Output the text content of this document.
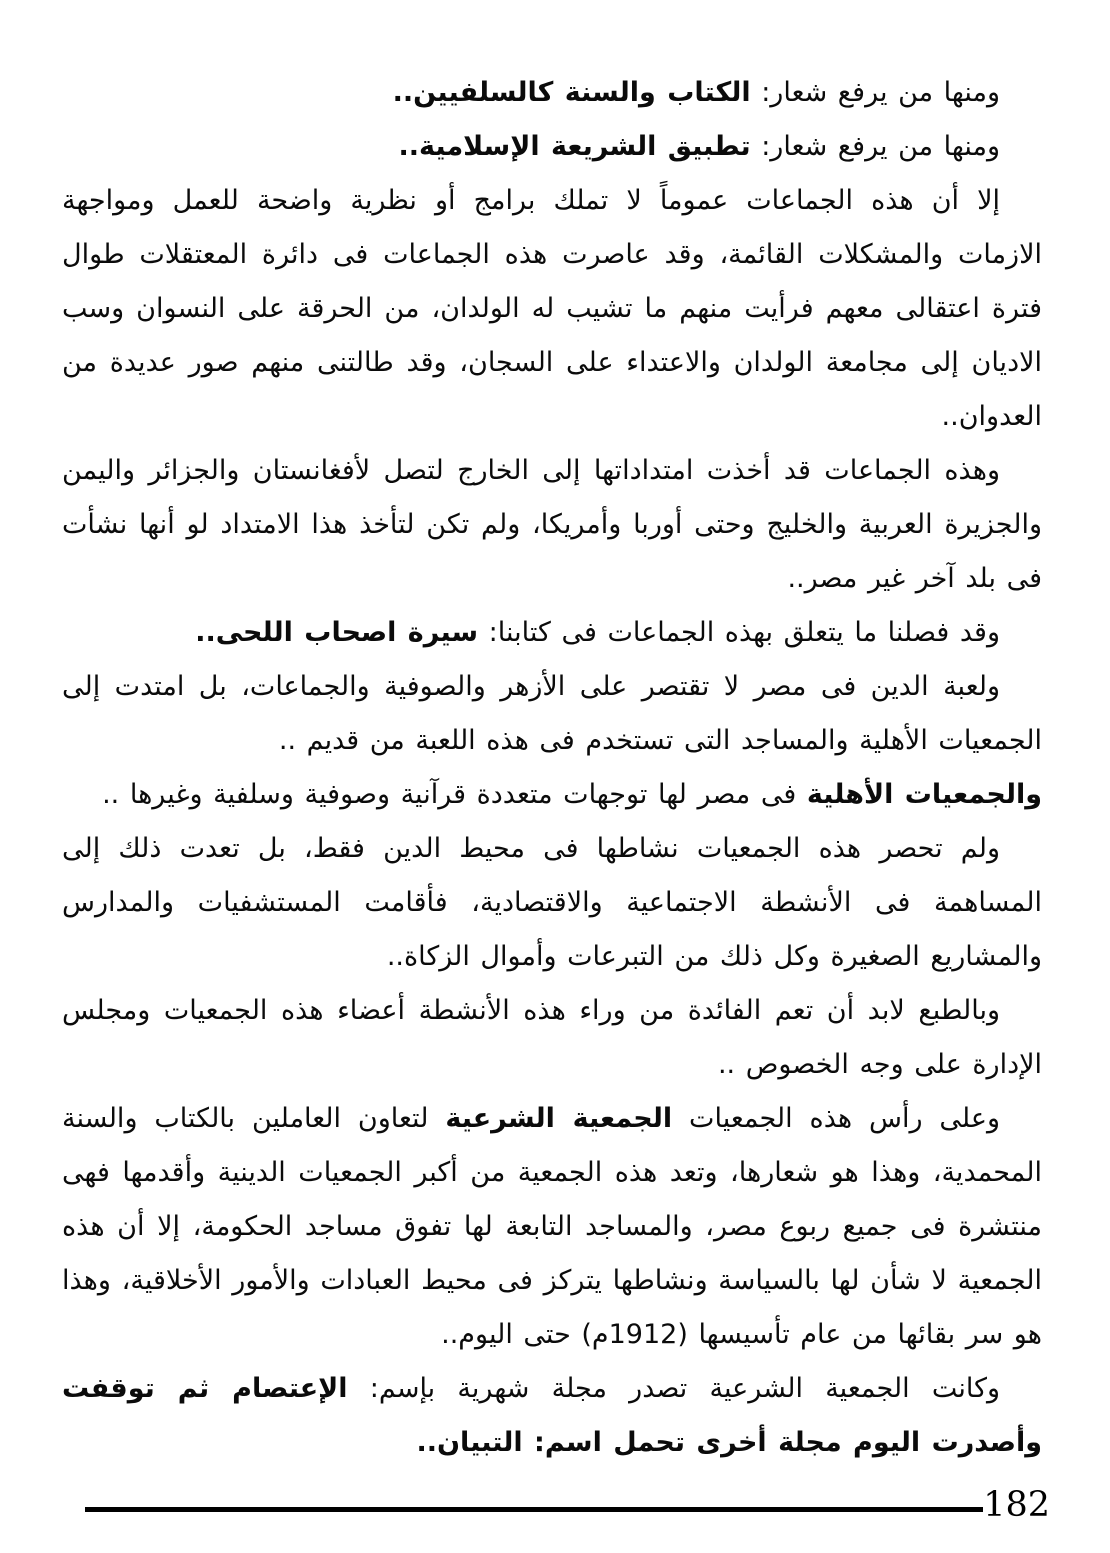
ومنها من يرفع شعار: الكتاب والسنة كالسلفيين..

ومنها من يرفع شعار: تطبيق الشريعة الإسلامية..

إلا أن هذه الجماعات عموماً لا تملك برامج أو نظرية واضحة للعمل ومواجهة الازمات والمشكلات القائمة، وقد عاصرت هذه الجماعات فى دائرة المعتقلات طوال فترة اعتقالى معهم فرأيت منهم ما تشيب له الولدان، من الحرقة على النسوان وسب الاديان إلى مجامعة الولدان والاعتداء على السجان، وقد طالتنى منهم صور عديدة من العدوان..

وهذه الجماعات قد أخذت امتداداتها إلى الخارج لتصل لأفغانستان والجزائر واليمن والجزيرة العربية والخليج وحتى أوربا وأمريكا، ولم تكن لتأخذ هذا الامتداد لو أنها نشأت فى بلد آخر غير مصر..

وقد فصلنا ما يتعلق بهذه الجماعات فى كتابنا: سيرة اصحاب اللحى..

ولعبة الدين فى مصر لا تقتصر على الأزهر والصوفية والجماعات، بل امتدت إلى الجمعيات الأهلية والمساجد التى تستخدم فى هذه اللعبة من قديم ..

والجمعيات الأهلية فى مصر لها توجهات متعددة قرآنية وصوفية وسلفية وغيرها ..

ولم تحصر هذه الجمعيات نشاطها فى محيط الدين فقط، بل تعدت ذلك إلى المساهمة فى الأنشطة الاجتماعية والاقتصادية، فأقامت المستشفيات والمدارس والمشاريع الصغيرة وكل ذلك من التبرعات وأموال الزكاة..

وبالطبع لابد أن تعم الفائدة من وراء هذه الأنشطة أعضاء هذه الجمعيات ومجلس الإدارة على وجه الخصوص ..

وعلى رأس هذه الجمعيات الجمعية الشرعية لتعاون العاملين بالكتاب والسنة المحمدية، وهذا هو شعارها، وتعد هذه الجمعية من أكبر الجمعيات الدينية وأقدمها فهى منتشرة فى جميع ربوع مصر، والمساجد التابعة لها تفوق مساجد الحكومة، إلا أن هذه الجمعية لا شأن لها بالسياسة ونشاطها يتركز فى محيط العبادات والأمور الأخلاقية، وهذا هو سر بقائها من عام تأسيسها (1912م) حتى اليوم..

وكانت الجمعية الشرعية تصدر مجلة شهرية بإسم: الإعتصام ثم توقفت وأصدرت اليوم مجلة أخرى تحمل اسم: التبيان..

182
